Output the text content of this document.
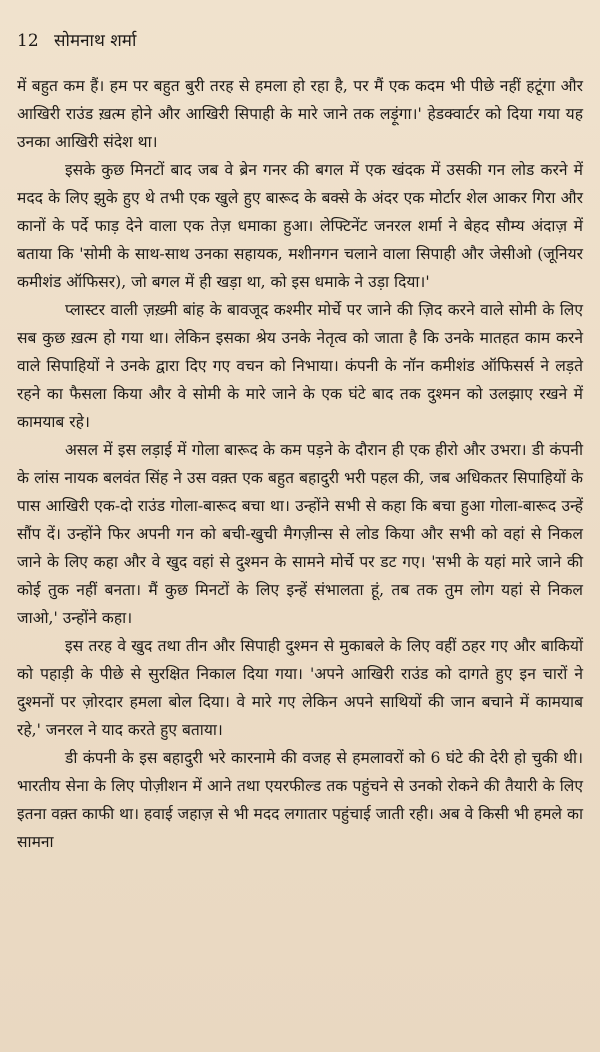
12 सोमनाथ शर्मा

में बहुत कम हैं। हम पर बहुत बुरी तरह से हमला हो रहा है, पर मैं एक कदम भी पीछे नहीं हटूंगा और आखिरी राउंड ख़त्म होने और आखिरी सिपाही के मारे जाने तक लड़ूंगा।' हेडक्वार्टर को दिया गया यह उनका आखिरी संदेश था।

इसके कुछ मिनटों बाद जब वे ब्रेन गनर की बगल में एक खंदक में उसकी गन लोड करने में मदद के लिए झुके हुए थे तभी एक खुले हुए बारूद के बक्से के अंदर एक मोर्टार शेल आकर गिरा और कानों के पर्दे फाड़ देने वाला एक तेज़ धमाका हुआ। लेफ्टिनेंट जनरल शर्मा ने बेहद सौम्य अंदाज़ में बताया कि 'सोमी के साथ-साथ उनका सहायक, मशीनगन चलाने वाला सिपाही और जेसीओ (जूनियर कमीशंड ऑफिसर), जो बगल में ही खड़ा था, को इस धमाके ने उड़ा दिया।'

प्लास्टर वाली ज़ख़्मी बांह के बावजूद कश्मीर मोर्चे पर जाने की ज़िद करने वाले सोमी के लिए सब कुछ ख़त्म हो गया था। लेकिन इसका श्रेय उनके नेतृत्व को जाता है कि उनके मातहत काम करने वाले सिपाहियों ने उनके द्वारा दिए गए वचन को निभाया। कंपनी के नॉन कमीशंड ऑफिसर्स ने लड़ते रहने का फैसला किया और वे सोमी के मारे जाने के एक घंटे बाद तक दुश्मन को उलझाए रखने में कामयाब रहे।

असल में इस लड़ाई में गोला बारूद के कम पड़ने के दौरान ही एक हीरो और उभरा। डी कंपनी के लांस नायक बलवंत सिंह ने उस वक़्त एक बहुत बहादुरी भरी पहल की, जब अधिकतर सिपाहियों के पास आखिरी एक-दो राउंड गोला-बारूद बचा था। उन्होंने सभी से कहा कि बचा हुआ गोला-बारूद उन्हें सौंप दें। उन्होंने फिर अपनी गन को बची-खुची मैगज़ीन्स से लोड किया और सभी को वहां से निकल जाने के लिए कहा और वे खुद वहां से दुश्मन के सामने मोर्चे पर डट गए। 'सभी के यहां मारे जाने की कोई तुक नहीं बनता। मैं कुछ मिनटों के लिए इन्हें संभालता हूं, तब तक तुम लोग यहां से निकल जाओ,' उन्होंने कहा।

इस तरह वे खुद तथा तीन और सिपाही दुश्मन से मुकाबले के लिए वहीं ठहर गए और बाकियों को पहाड़ी के पीछे से सुरक्षित निकाल दिया गया। 'अपने आखिरी राउंड को दागते हुए इन चारों ने दुश्मनों पर ज़ोरदार हमला बोल दिया। वे मारे गए लेकिन अपने साथियों की जान बचाने में कामयाब रहे,' जनरल ने याद करते हुए बताया।

डी कंपनी के इस बहादुरी भरे कारनामे की वजह से हमलावरों को 6 घंटे की देरी हो चुकी थी। भारतीय सेना के लिए पोज़ीशन में आने तथा एयरफील्ड तक पहुंचने से उनको रोकने की तैयारी के लिए इतना वक़्त काफी था। हवाई जहाज़ से भी मदद लगातार पहुंचाई जाती रही। अब वे किसी भी हमले का सामना
